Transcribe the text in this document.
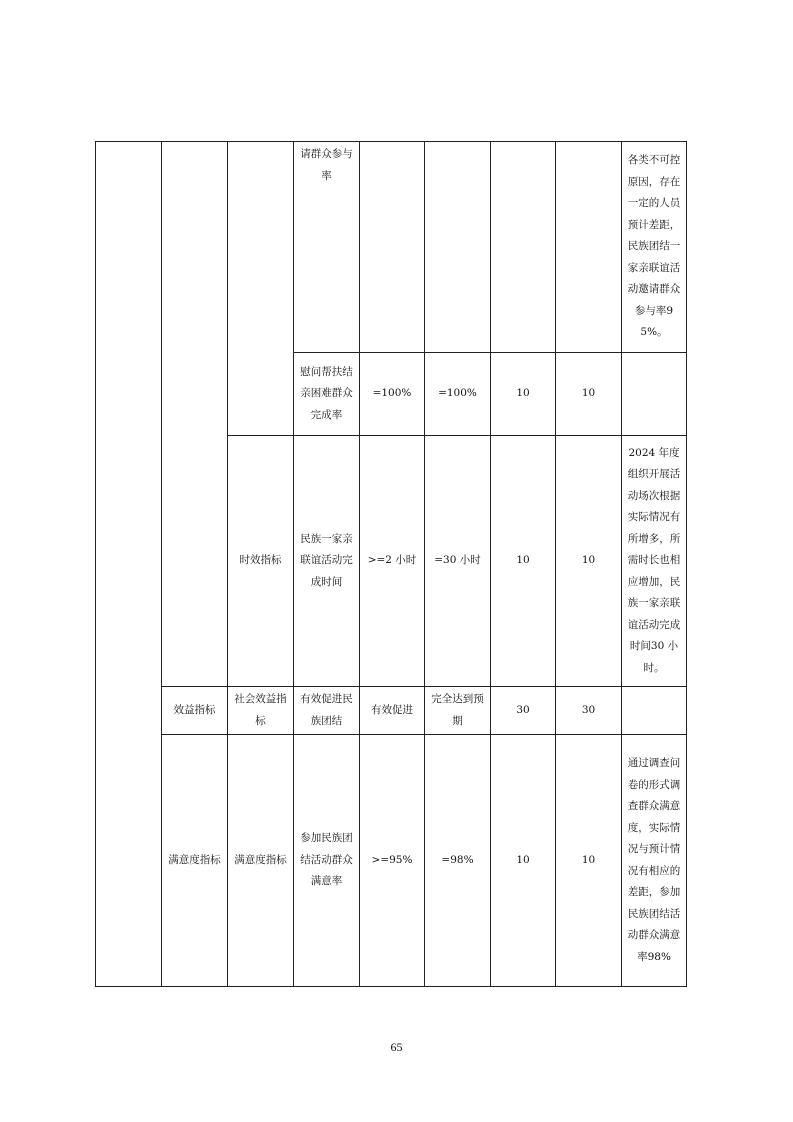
			请群众参与率					各类不可控原因，存在一定的人员预计差距，民族团结一家亲联谊活动邀请群众参与率95%。
			慰问帮扶结亲困难群众完成率	=100%	=100%	10	10	
		时效指标	民族一家亲联谊活动完成时间	>=2 小时	=30 小时	10	10	2024 年度组织开展活动场次根据实际情况有所增多，所需时长也相应增加，民族一家亲联谊活动完成时间30 小时。
	效益指标	社会效益指标	有效促进民族团结	有效促进	完全达到预期	30	30	
	满意度指标	满意度指标	参加民族团结活动群众满意率	>=95%	=98%	10	10	通过调查问卷的形式调查群众满意度，实际情况与预计情况有相应的差距，参加民族团结活动群众满意率98%
65
